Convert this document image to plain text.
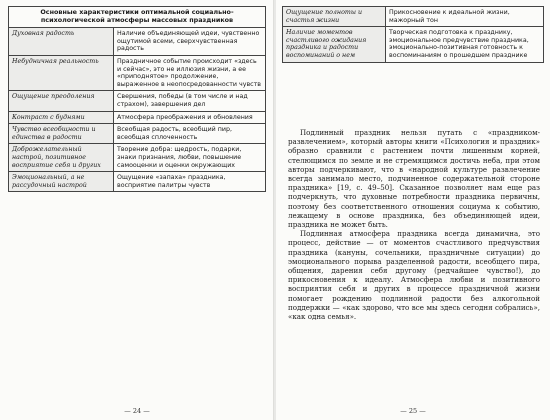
Основные характеристики оптимальной социально-психологической атмосферы массовых праздников	
Духовная радость	Наличие объединяющей идеи, чувственно ощутимой всеми, сверхчувственная радость
Небудничная реальность	Праздничное событие происходит «здесь и сейчас», это не иллюзия жизни, а ее «приподнятое» продолжение, выраженное в неопосредованности чувств
Ощущение преодоления	Свершения, победы (в том числе и над страхом), завершения дел
Контраст с буднями	Атмосфера преображения и обновления
Чувство всеобщности и единства в радости	Всеобщая радость, всеобщий пир, всеобщая сплоченность
Доброжелательный настрой, позитивное восприятие себя и других	Творение добра: щедрость, подарки, знаки признания, любви, повышение самооценки и оценки окружающих
Эмоциональный, а не рассудочный настрой	Ощущение «запаха» праздника, восприятие палитры чувств
— 24 —
Ощущение полноты и счастья жизни	Прикосновение к идеальной жизни, мажорный тон
Наличие моментов счастливого ожидания праздника и радости воспоминаний о нем	Творческая подготовка к празднику, эмоциональное предчувствие праздника, эмоционально-позитивная готовность к воспоминаниям о прошедшем празднике

Подлинный праздник нельзя путать с «праздником-развлечением», который авторы книги «Психология и праздник» образно сравнили с растением почти лишенным корней, стелющимся по земле и не стремящимся достичь неба, при этом авторы подчеркивают, что в «народной культуре развлечение всегда занимало место, подчиненное содержательной стороне праздника» [19, с. 49–50]. Сказанное позволяет нам еще раз подчеркнуть, что духовные потребности праздника первичны, поэтому без соответственного отношения социума к событию, лежащему в основе праздника, без объединяющей идеи, праздника не может быть.

Подлинная атмосфера праздника всегда динамична, это процесс, действие — от моментов счастливого предчувствия праздника (кануны, сочельники, праздничные ситуации) до эмоционального порыва разделенной радости, всеобщего пира, общения, дарения себя другому (редчайшее чувство!), до прикосновения к идеалу. Атмосфера любви и позитивного восприятия себя и других в процессе праздничной жизни помогает рождению подлинной радости без алкогольной поддержки — «как здорово, что все мы здесь сегодня собрались», «как одна семья».

— 25 —
